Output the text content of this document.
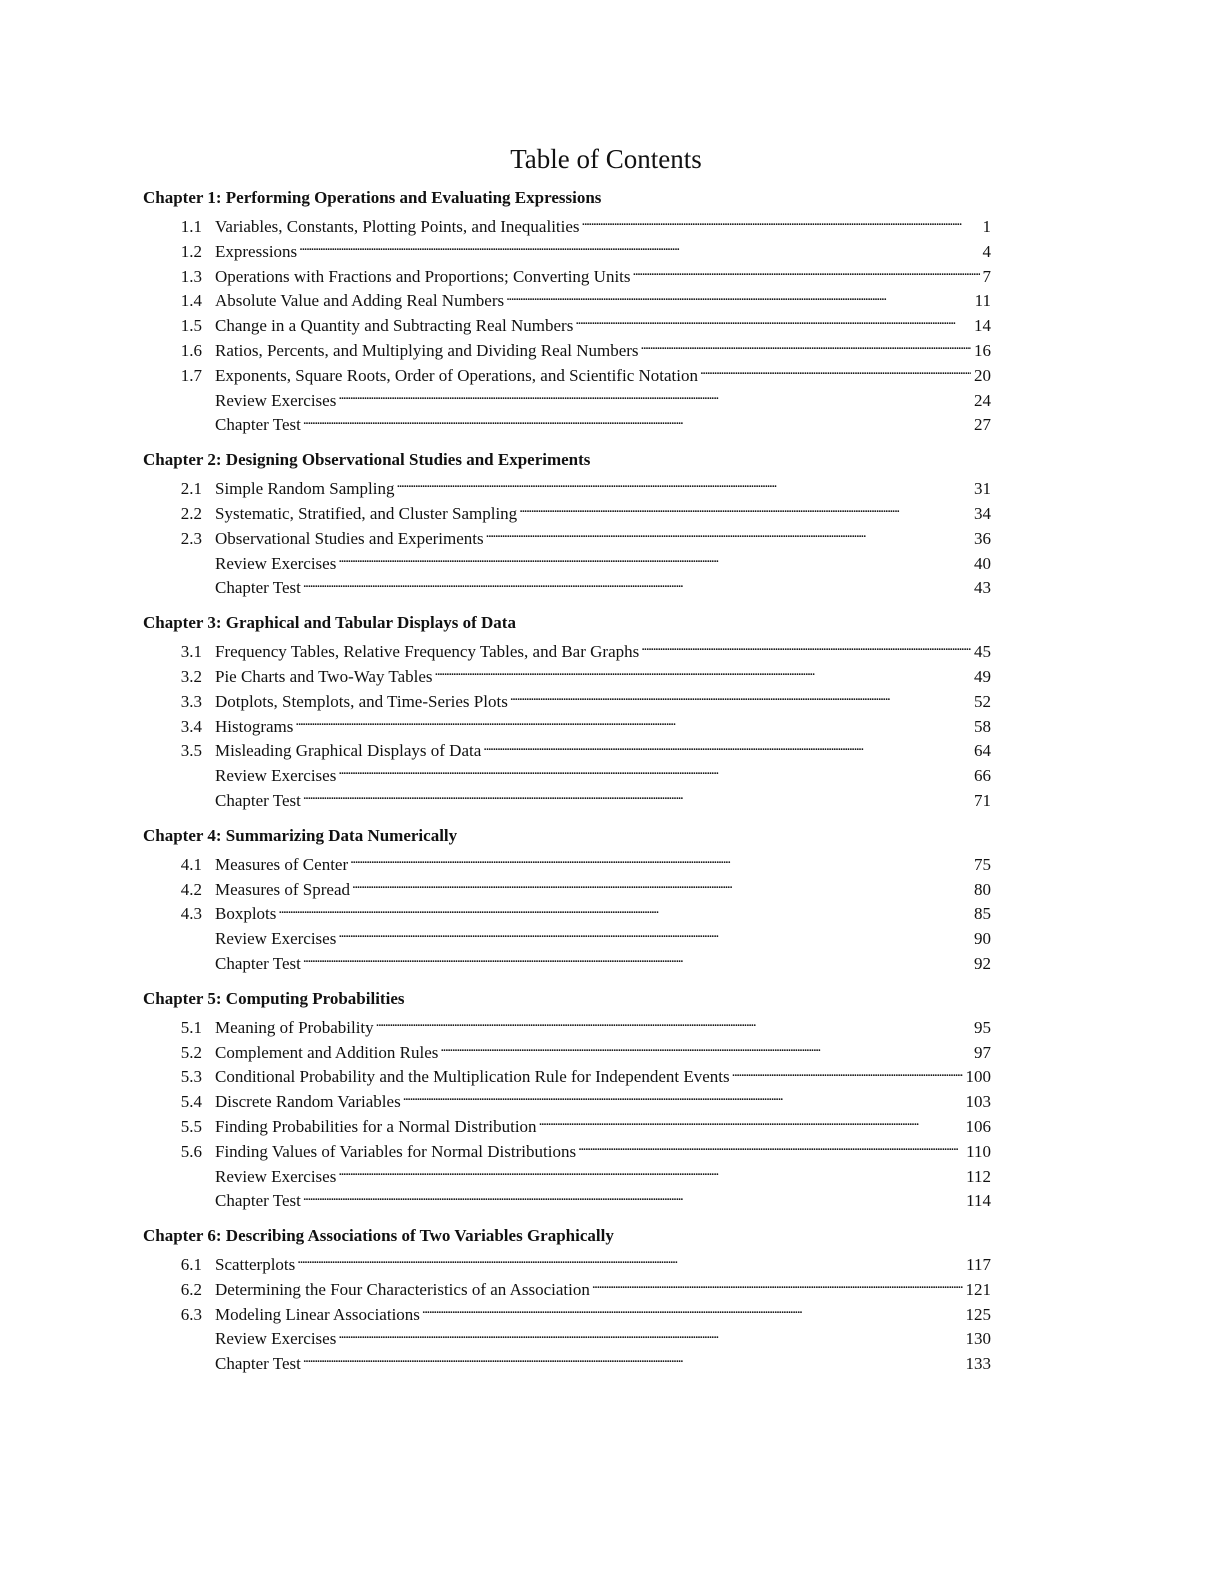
Table of Contents
Chapter 1: Performing Operations and Evaluating Expressions
1.1 Variables, Constants, Plotting Points, and Inequalities . . .	1
1.2 Expressions . . .	4
1.3 Operations with Fractions and Proportions; Converting Units . . .	7
1.4 Absolute Value and Adding Real Numbers . . .	11
1.5 Change in a Quantity and Subtracting Real Numbers . . .	14
1.6 Ratios, Percents, and Multiplying and Dividing Real Numbers . . .	16
1.7 Exponents, Square Roots, Order of Operations, and Scientific Notation . . .	20
Review Exercises . . .	24
Chapter Test . . .	27
Chapter 2: Designing Observational Studies and Experiments
2.1 Simple Random Sampling . . .	31
2.2 Systematic, Stratified, and Cluster Sampling . . .	34
2.3 Observational Studies and Experiments . . .	36
Review Exercises . . .	40
Chapter Test . . .	43
Chapter 3: Graphical and Tabular Displays of Data
3.1 Frequency Tables, Relative Frequency Tables, and Bar Graphs . . .	45
3.2 Pie Charts and Two-Way Tables . . .	49
3.3 Dotplots, Stemplots, and Time-Series Plots . . .	52
3.4 Histograms . . .	58
3.5 Misleading Graphical Displays of Data . . .	64
Review Exercises . . .	66
Chapter Test . . .	71
Chapter 4: Summarizing Data Numerically
4.1 Measures of Center . . .	75
4.2 Measures of Spread . . .	80
4.3 Boxplots . . .	85
Review Exercises . . .	90
Chapter Test . . .	92
Chapter 5: Computing Probabilities
5.1 Meaning of Probability . . .	95
5.2 Complement and Addition Rules . . .	97
5.3 Conditional Probability and the Multiplication Rule for Independent Events . . .	100
5.4 Discrete Random Variables . . .	103
5.5 Finding Probabilities for a Normal Distribution . . .	106
5.6 Finding Values of Variables for Normal Distributions . . .	110
Review Exercises . . .	112
Chapter Test . . .	114
Chapter 6: Describing Associations of Two Variables Graphically
6.1 Scatterplots . . .	117
6.2 Determining the Four Characteristics of an Association . . .	121
6.3 Modeling Linear Associations . . .	125
Review Exercises . . .	130
Chapter Test . . .	133
